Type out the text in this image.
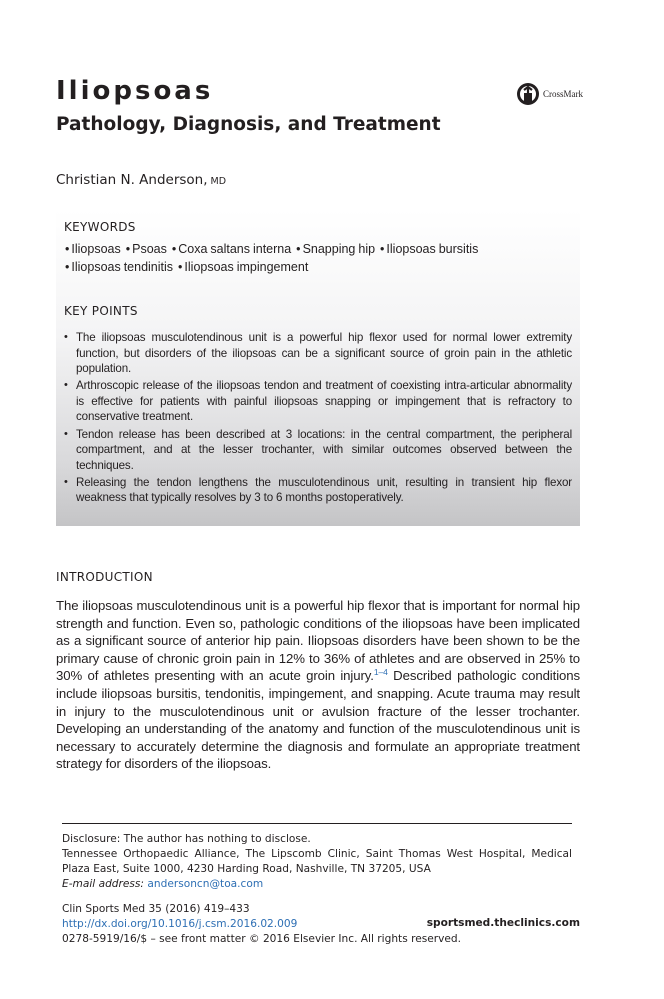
Iliopsoas
Pathology, Diagnosis, and Treatment
CrossMark
Christian N. Anderson, MD
KEYWORDS
• Iliopsoas • Psoas • Coxa saltans interna • Snapping hip • Iliopsoas bursitis
• Iliopsoas tendinitis • Iliopsoas impingement
KEY POINTS
• The iliopsoas musculotendinous unit is a powerful hip flexor used for normal lower extremity function, but disorders of the iliopsoas can be a significant source of groin pain in the athletic population.
• Arthroscopic release of the iliopsoas tendon and treatment of coexisting intra-articular abnormality is effective for patients with painful iliopsoas snapping or impingement that is refractory to conservative treatment.
• Tendon release has been described at 3 locations: in the central compartment, the peripheral compartment, and at the lesser trochanter, with similar outcomes observed between the techniques.
• Releasing the tendon lengthens the musculotendinous unit, resulting in transient hip flexor weakness that typically resolves by 3 to 6 months postoperatively.
INTRODUCTION

The iliopsoas musculotendinous unit is a powerful hip flexor that is important for normal hip strength and function. Even so, pathologic conditions of the iliopsoas have been implicated as a significant source of anterior hip pain. Iliopsoas disorders have been shown to be the primary cause of chronic groin pain in 12% to 36% of athletes and are observed in 25% to 30% of athletes presenting with an acute groin injury.$^{1-4}$ Described pathologic conditions include iliopsoas bursitis, tendonitis, impingement, and snapping. Acute trauma may result in injury to the musculotendinous unit or avulsion fracture of the lesser trochanter. Developing an understanding of the anatomy and function of the musculotendinous unit is necessary to accurately determine the diagnosis and formulate an appropriate treatment strategy for disorders of the iliopsoas.

Disclosure: The author has nothing to disclose.
Tennessee Orthopaedic Alliance, The Lipscomb Clinic, Saint Thomas West Hospital, Medical Plaza East, Suite 1000, 4230 Harding Road, Nashville, TN 37205, USA
E-mail address: andersoncn@toa.com
Clin Sports Med 35 (2016) 419–433
http://dx.doi.org/10.1016/j.csm.2016.02.009	sportsmed.theclinics.com
0278-5919/16/$ – see front matter © 2016 Elsevier Inc. All rights reserved.
